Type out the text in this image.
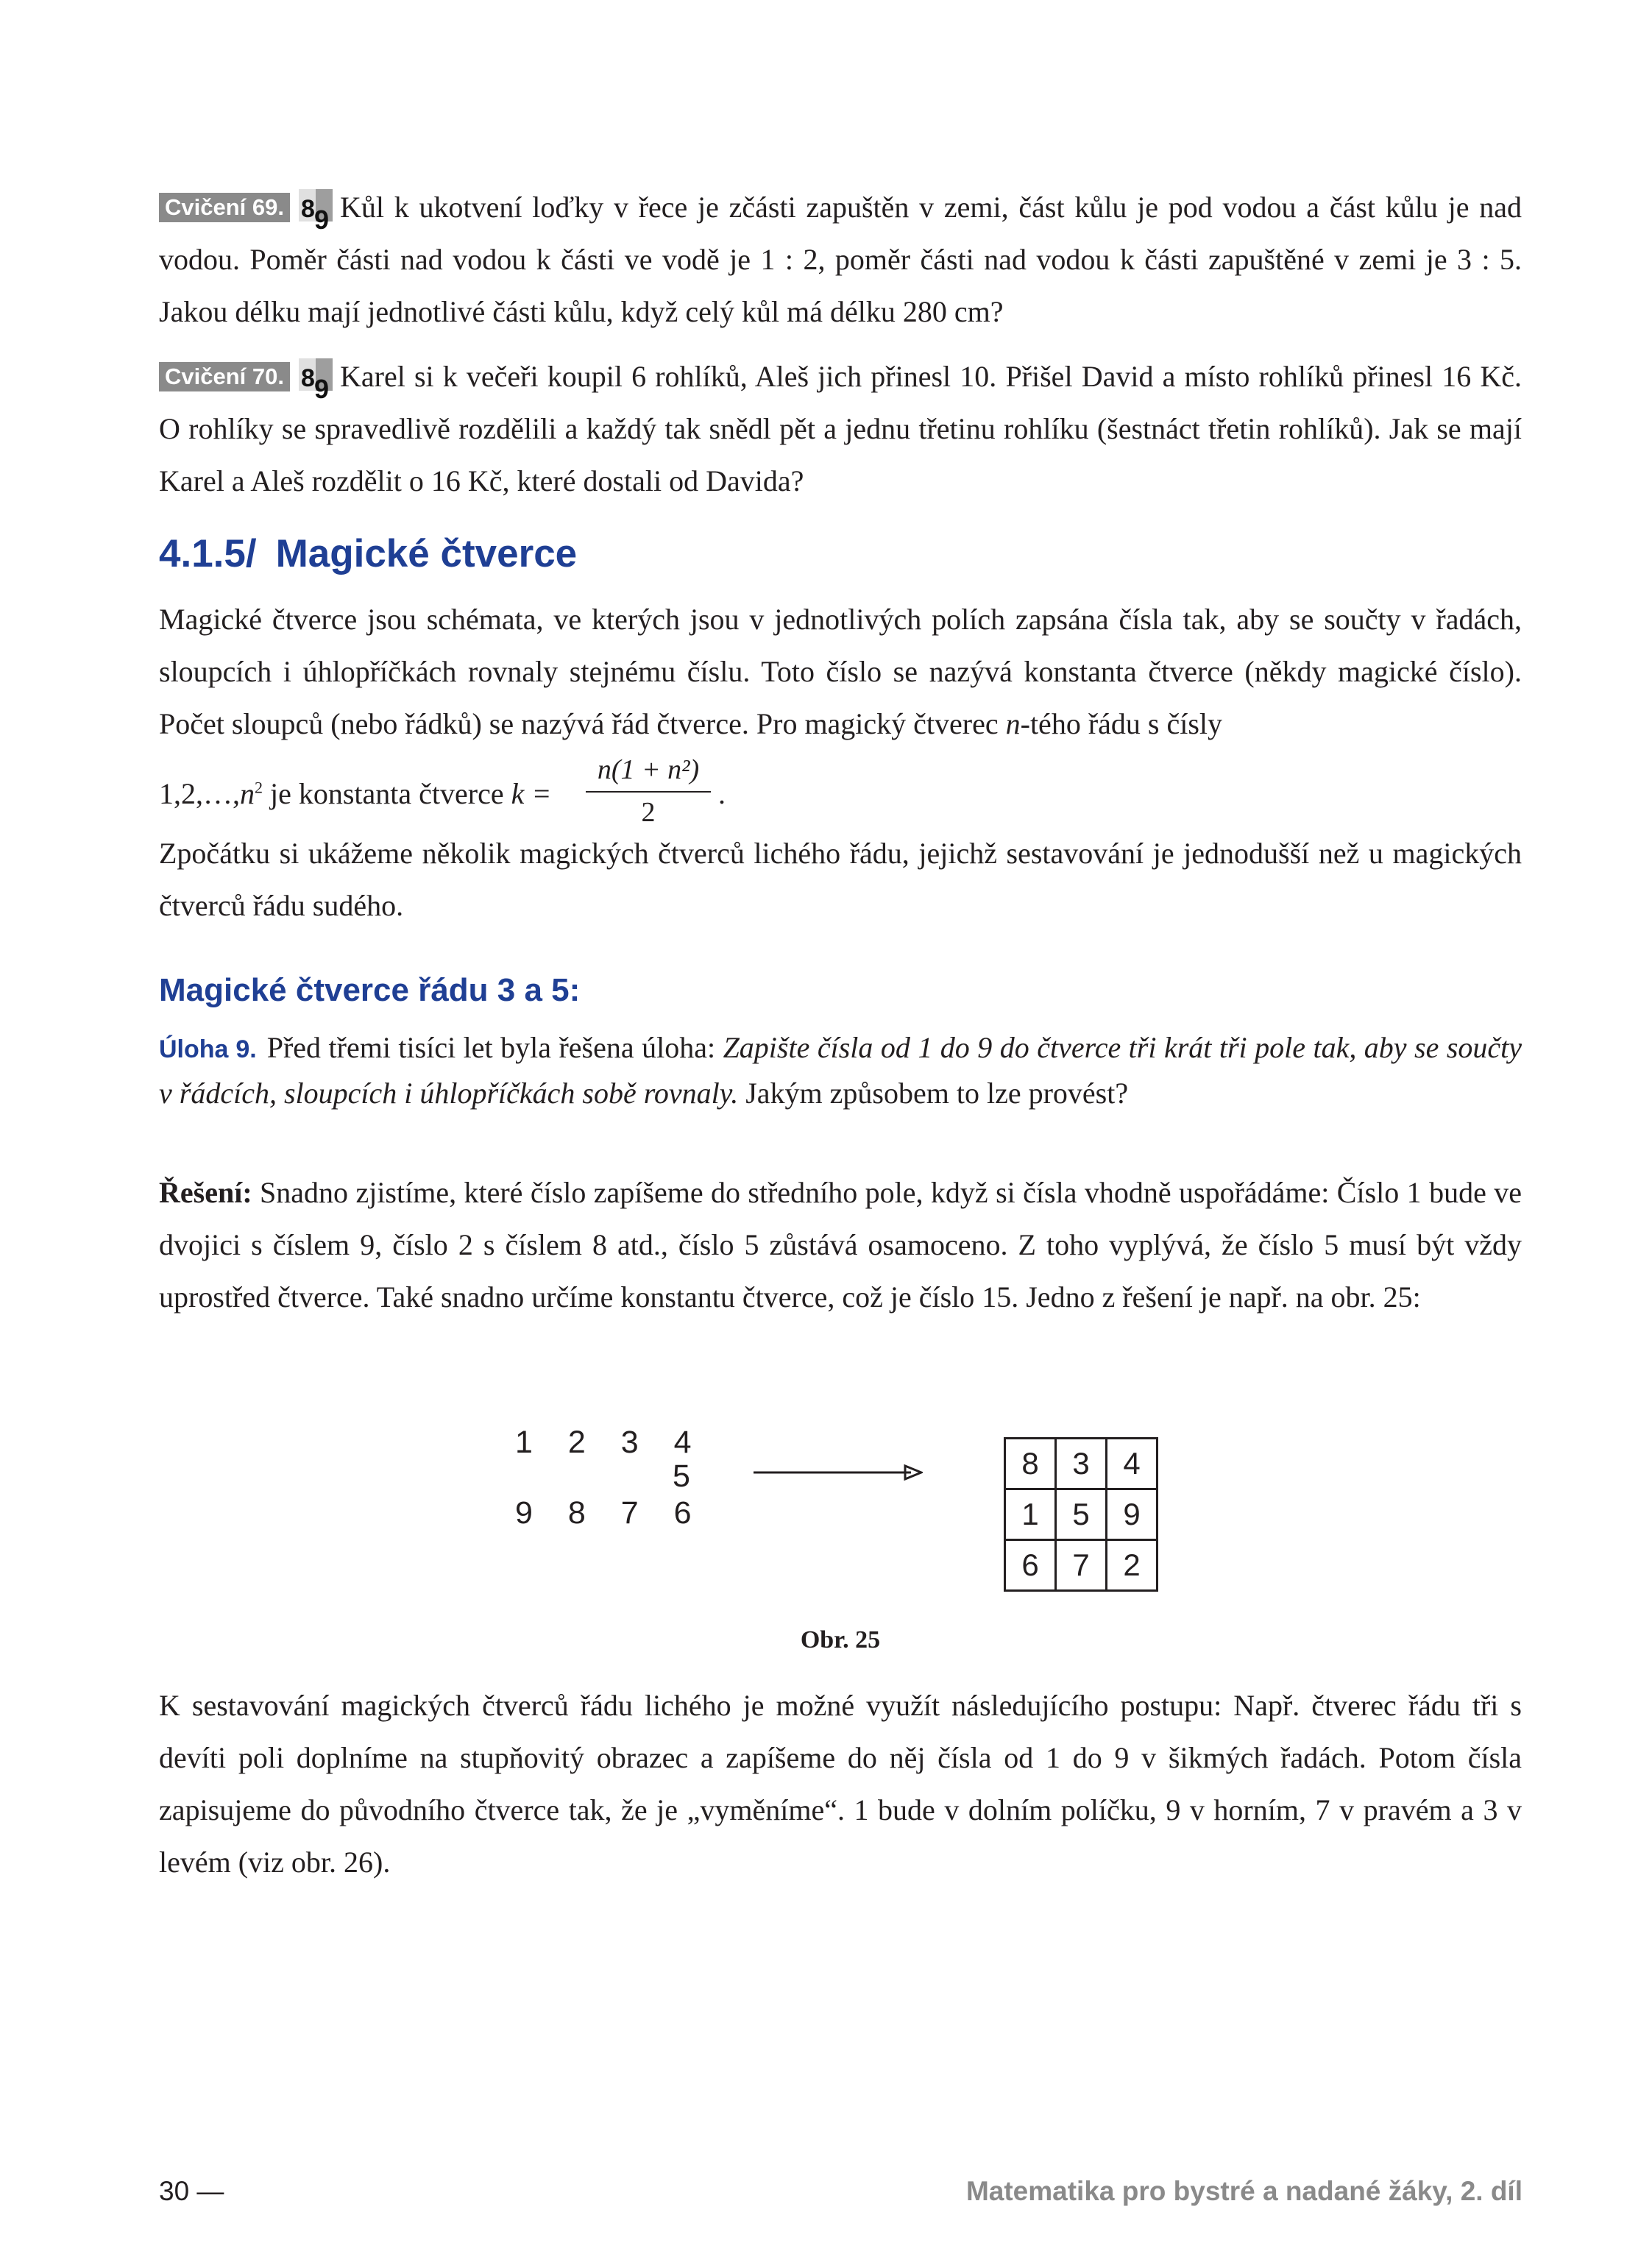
Cvičení 69. 8 9 Kůl k ukotvení loďky v řece je zčásti zapuštěn v zemi, část kůlu je pod vodou a část kůlu je nad vodou. Poměr části nad vodou k části ve vodě je 1 : 2, poměr části nad vodou k části zapuštěné v zemi je 3 : 5. Jakou délku mají jednotlivé části kůlu, když celý kůl má délku 280 cm?

Cvičení 70. 8 9 Karel si k večeři koupil 6 rohlíků, Aleš jich přinesl 10. Přišel David a místo rohlíků přinesl 16 Kč. O rohlíky se spravedlivě rozdělili a každý tak snědl pět a jednu třetinu rohlíku (šestnáct třetin rohlíků). Jak se mají Karel a Aleš rozdělit o 16 Kč, které dostali od Davida?

4.1.5/ Magické čtverce

Magické čtverce jsou schémata, ve kterých jsou v jednotlivých polích zapsána čísla tak, aby se součty v řadách, sloupcích i úhlopříčkách rovnaly stejnému číslu. Toto číslo se nazývá konstanta čtverce (někdy magické číslo). Počet sloupců (nebo řádků) se nazývá řád čtverce. Pro magický čtverec n-tého řádu s čísly

$1,2,\dots,n^2$ je konstanta čtverce k =
n(1 + n²)
2
.

Zpočátku si ukážeme několik magických čtverců lichého řádu, jejichž sestavování je jednodušší než u magických čtverců řádu sudého.

Magické čtverce řádu 3 a 5:

Úloha 9. Před třemi tisíci let byla řešena úloha: Zapište čísla od 1 do 9 do čtverce tři krát tři pole tak, aby se součty v řádcích, sloupcích i úhlopříčkách sobě rovnaly. Jakým způsobem to lze provést?

Řešení: Snadno zjistíme, které číslo zapíšeme do středního pole, když si čísla vhodně uspořádáme: Číslo 1 bude ve dvojici s číslem 9, číslo 2 s číslem 8 atd., číslo 5 zůstává osamoceno. Z toho vyplývá, že číslo 5 musí být vždy uprostřed čtverce. Také snadno určíme konstantu čtverce, což je číslo 15. Jedno z řešení je např. na obr. 25:

1 2 3 4
5
9 8 7 6
8	3	4
1	5	9
6	7	2
Obr. 25

K sestavování magických čtverců řádu lichého je možné využít následujícího postupu: Např. čtverec řádu tři s devíti poli doplníme na stupňovitý obrazec a zapíšeme do něj čísla od 1 do 9 v šikmých řadách. Potom čísla zapisujeme do původního čtverce tak, že je „vyměníme“. 1 bude v dolním políčku, 9 v horním, 7 v pravém a 3 v levém (viz obr. 26).

30 —	Matematika pro bystré a nadané žáky, 2. díl
